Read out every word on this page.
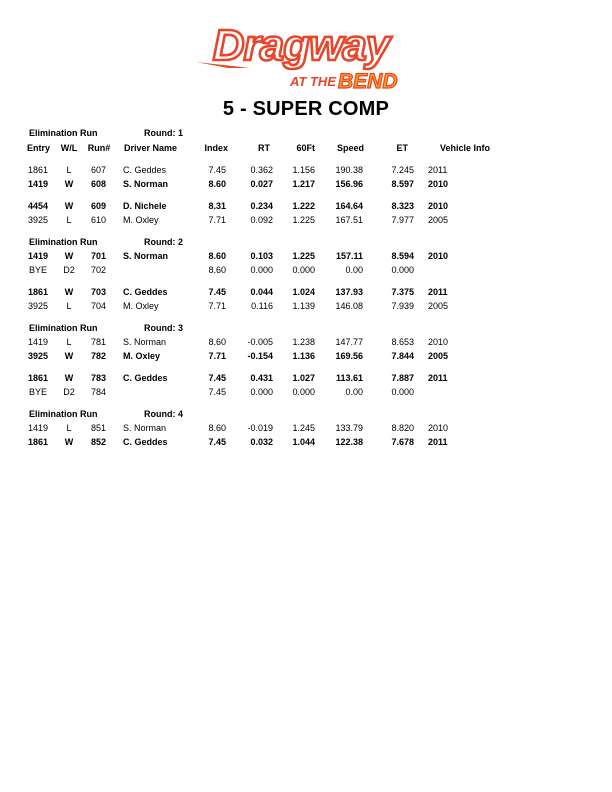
Dragway
AT THE BEND
5 - SUPER COMP
Entry	W/L Run# Driver Name	Index	RT	60Ft	Speed	ET	Vehicle Info
Elimination Run	Round: 1
1861	L	607 C. Geddes	7.45	0.362	1.156	190.38	7.245 2011
1419	W	608 S. Norman	8.60	0.027	1.217	156.96	8.597 2010
4454	W	609 D. Nichele	8.31	0.234	1.222	164.64	8.323 2010
3925	L	610 M. Oxley	7.71	0.092	1.225	167.51	7.977 2005
Elimination Run	Round: 2
1419	W	701 S. Norman	8.60	0.103	1.225	157.11	8.594 2010
BYE	D2	702	8.60	0.000	0.000	0.00	0.000
1861	W	703 C. Geddes	7.45	0.044	1.024	137.93	7.375 2011
3925	L	704 M. Oxley	7.71	0.116	1.139	146.08	7.939 2005
Elimination Run	Round: 3
1419	L	781 S. Norman	8.60	-0.005	1.238	147.77	8.653 2010
3925	W	782 M. Oxley	7.71	-0.154	1.136	169.56	7.844 2005
1861	W	783 C. Geddes	7.45	0.431	1.027	113.61	7.887 2011
BYE	D2	784	7.45	0.000	0.000	0.00	0.000
Elimination Run	Round: 4
1419	L	851 S. Norman	8.60	-0.019	1.245	133.79	8.820 2010
1861	W	852 C. Geddes	7.45	0.032	1.044	122.38	7.678 2011
